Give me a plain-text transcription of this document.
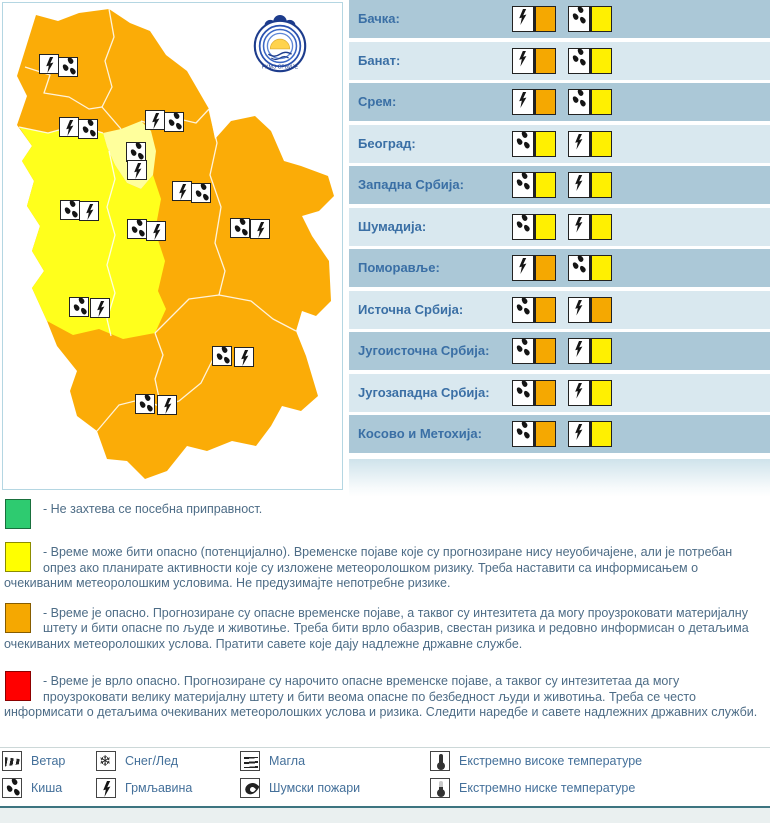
РХМЗ СРБИЈЕ
Бачка:
Банат:
Срем:
Београд:
Западна Србија:
Шумадија:
Поморавље:
Источна Србија:
Југоисточна Србија:
Југозападна Србија:
Косово и Метохија:
- Не захтева се посебна приправност.
- Време може бити опасно (потенцијално). Временске појаве које су прогнозиране нису неуобичајене, али је потребан опрез ако планирате активности које су изложене метеоролошком ризику. Треба наставити са информисањем о очекиваним метеоролошким условима. Не предузимајте непотребне ризике.
- Време је опасно. Прогнозиране су опасне временске појаве, а таквог су интезитета да могу проузроковати материјалну штету и бити опасне по људе и животиње. Треба бити врло обазрив, свестан ризика и редовно информисан о детаљима очекиваних метеоролошких услова. Пратити савете које дају надлежне државне службе.
- Време је врло опасно. Прогнозиране су нарочито опасне временске појаве, а таквог су интезитетаа да могу проузроковати велику материјалну штету и бити веома опасне по безбедност људи и животиња. Треба се често информисати о детаљима очекиваних метеоролошких услова и ризика. Следити наредбе и савете надлежних државних служби.
Ветар ❄	Снег/Лед	Магла	Екстремно високе температуре
Киша	Грмљавина	Шумски пожари	Екстремно ниске температуре
